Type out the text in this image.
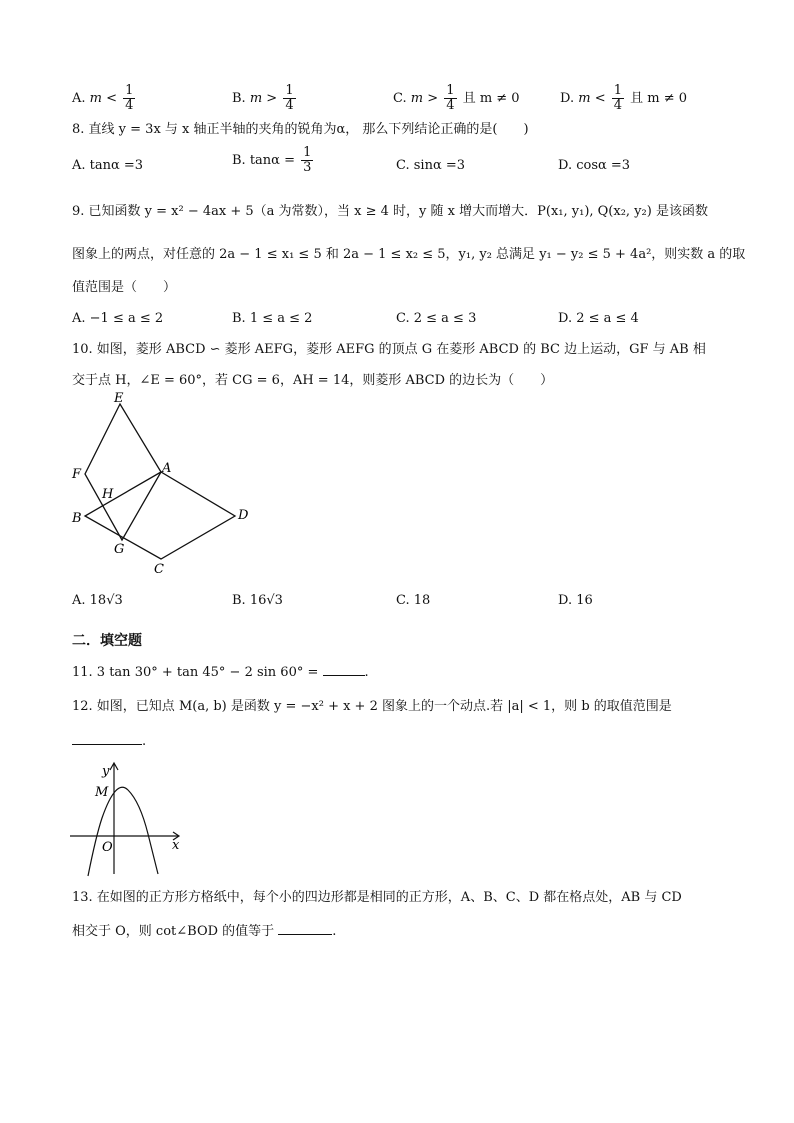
A. $m < \frac{1}{4}$	B. $m > \frac{1}{4}$	C. $m > \frac{1}{4}$ 且 m ≠ 0	D. $m < \frac{1}{4}$ 且 m ≠ 0
8. 直线 y = 3x 与 x 轴正半轴的夹角的锐角为α， 那么下列结论正确的是(　　)
A. tanα =3	B. $\tan\alpha = \frac{1}{3}$	C. sinα =3	D. cosα =3
9. 已知函数 y = x² − 4ax + 5（a 为常数），当 x ≥ 4 时，y 随 x 增大而增大．P(x₁, y₁), Q(x₂, y₂) 是该函数
图象上的两点，对任意的 2a − 1 ≤ x₁ ≤ 5 和 2a − 1 ≤ x₂ ≤ 5，y₁, y₂ 总满足 y₁ − y₂ ≤ 5 + 4a²，则实数 a 的取
值范围是（　　）
A. −1 ≤ a ≤ 2	B. 1 ≤ a ≤ 2	C. 2 ≤ a ≤ 3	D. 2 ≤ a ≤ 4
10. 如图，菱形 ABCD ∽ 菱形 AEFG，菱形 AEFG 的顶点 G 在菱形 ABCD 的 BC 边上运动，GF 与 AB 相
交于点 H，∠E = 60°，若 CG = 6，AH = 14，则菱形 ABCD 的边长为（　　）
E
F	A
H
B	D
G
C
A. 18√3	B. 16√3	C. 18	D. 16
二．填空题
11. 3 tan 30° + tan 45° − 2 sin 60° =	.
12. 如图，已知点 M(a, b) 是函数 y = −x² + x + 2 图象上的一个动点.若 |a| < 1，则 b 的取值范围是
.
y
M
O	x
13. 在如图的正方形方格纸中，每个小的四边形都是相同的正方形，A、B、C、D 都在格点处，AB 与 CD
相交于 O，则 cot∠BOD 的值等于	.
